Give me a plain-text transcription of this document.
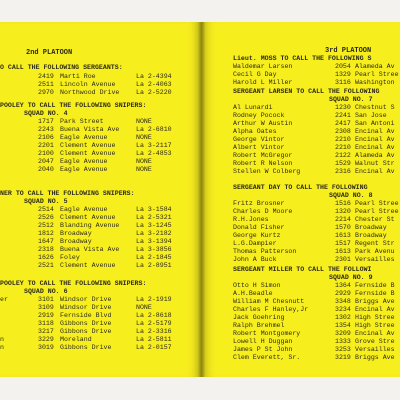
2nd PLATOON
O CALL THE FOLLOWING SERGEANTS:
2419 Marti Roe	La 2-4394
2511 Lincoln Avenue	La 2-4063
2970 Northwood Drive	La 2-5220
POOLEY TO CALL THE FOLLOWING SNIPERS:
SQUAD NO. 4
1717 Park Street	NONE
2243 Buena Vista Ave	La 2-6810
2106 Eagle Avenue	NONE
2201 Clement Avenue	La 3-2117
2100 Clement Avenue	La 2-4853
2047 Eagle Avenue	NONE
2040 Eagle Avenue	NONE
NER TO CALL THE FOLLOWING SNIPERS:
SQUAD NO. 5
2514 Eagle Avenue	La 3-1584
2526 Clement Avenue	La 2-5321
2512 Blanding Avenue	La 3-1245
1812 Broadway	La 3-2182
1647 Broadway	La 3-1394
2318 Buena Vista Ave	La 3-3856
1626 Foley	La 2-1845
2521 Clement Avenue	La 2-8951
POOLEY TO CALL THE FOLLOWING SNIPERS:
SQUAD NO. 6
er	3101 Windsor Drive	La 2-1919
3109 Windsor Drive	NONE
2919 Fernside Blvd	La 2-8618
3118 Gibbons Drive	La 2-5179
3217 Gibbons Drive	La 2-3316
n	3229 Moreland	La 2-5811
n	3019 Gibbons Drive	La 2-0157
3rd PLATOON
Lieut. MOSS TO CALL THE FOLLOWING S
Waldemar Larsen	2054 Alameda Av
Cecil G Day	1329 Pearl Stree
Harold L Miller	3116 Washington
SERGEANT LARSEN TO CALL THE FOLLOWING
SQUAD NO. 7
Al Lunardi	1230 Chestnut S
Rodney Pocock	2241 San Jose
Arthur W Austin	2417 San Antoni
Alpha Oates	2308 Encinal Av
George Vintor	2210 Encinal Av
Albert Vintor	2210 Encinal Av
Robert McGregor	2122 Alameda Av
Robert R Nelson	1529 Walnut Str
Stellen W Colberg	2316 Encinal Av
SERGEANT DAY TO CALL THE FOLLOWING
SQUAD NO. 8
Fritz Brosner	1516 Pearl Stree
Charles D Moore	1320 Pearl Stree
R.H.Jones	2214 Chester St
Donald Fisher	1570 Broadway
George Kurtz	1613 Broadway
L.G.Dampier	1517 Regent Str
Thomas Patterson	1613 Park Avenu
John A Buck	2301 Versailles
SERGEANT MILLER TO CALL THE FOLLOWI
SQUAD NO. 9
Otto H Simon	1364 Fernside B
A.H.Beadle	2929 Fernside B
William M Chesnutt	3348 Briggs Ave
Charles F Hanley,Jr	3234 Encinal Av
Jack Goehring	1302 High Stree
Ralph Brehmel	1354 High Stree
Robert Montgomery	3209 Encinal Av
Lowell H Duggan	1333 Grove Stre
James P St John	3253 Versailles
Clem Everett, Sr.	3219 Briggs Ave
